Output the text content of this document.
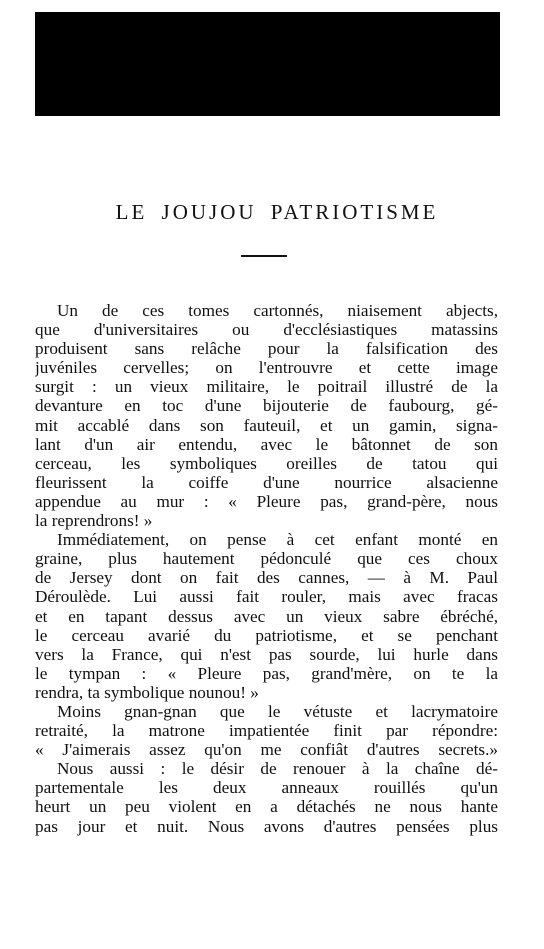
LE JOUJOU PATRIOTISME
Un de ces tomes cartonnés, niaisement abjects,
que d'universitaires ou d'ecclésiastiques matassins
produisent sans relâche pour la falsification des
juvéniles cervelles; on l'entrouvre et cette image
surgit : un vieux militaire, le poitrail illustré de la
devanture en toc d'une bijouterie de faubourg, gé-
mit accablé dans son fauteuil, et un gamin, signa-
lant d'un air entendu, avec le bâtonnet de son
cerceau, les symboliques oreilles de tatou qui
fleurissent la coiffe d'une nourrice alsacienne
appendue au mur : « Pleure pas, grand-père, nous
la reprendrons! »
Immédiatement, on pense à cet enfant monté en
graine, plus hautement pédonculé que ces choux
de Jersey dont on fait des cannes, — à M. Paul
Déroulède. Lui aussi fait rouler, mais avec fracas
et en tapant dessus avec un vieux sabre ébréché,
le cerceau avarié du patriotisme, et se penchant
vers la France, qui n'est pas sourde, lui hurle dans
le tympan : « Pleure pas, grand'mère, on te la
rendra, ta symbolique nounou! »
Moins gnan-gnan que le vétuste et lacrymatoire
retraité, la matrone impatientée finit par répondre:
« J'aimerais assez qu'on me confiât d'autres secrets.»
Nous aussi : le désir de renouer à la chaîne dé-
partementale les deux anneaux rouillés qu'un
heurt un peu violent en a détachés ne nous hante
pas jour et nuit. Nous avons d'autres pensées plus
